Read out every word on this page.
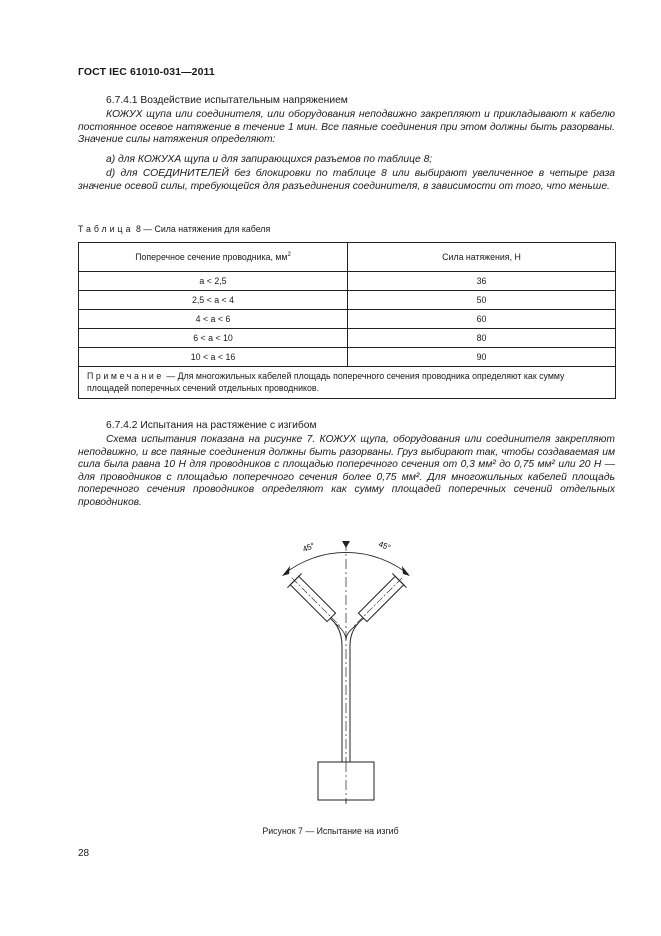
ГОСТ IEC 61010-031—2011
6.7.4.1 Воздействие испытательным напряжением
КОЖУХ щупа или соединителя, или оборудования неподвижно закрепляют и прикладывают к кабелю постоянное осевое натяжение в течение 1 мин. Все паяные соединения при этом должны быть разорваны. Значение силы натяжения определяют:
а) для КОЖУХА щупа и для запирающихся разъемов по таблице 8;
d) для СОЕДИНИТЕЛЕЙ без блокировки по таблице 8 или выбирают увеличенное в четыре раза значение осевой силы, требующейся для разъединения соединителя, в зависимости от того, что меньше.
Таблица 8 — Сила натяжения для кабеля
Поперечное сечение проводника, $мм^2$	Сила натяжения, Н
a < 2,5	36
2,5 < a < 4	50
4 < a < 6	60
6 < a < 10	80
10 < a < 16	90
Примечание — Для многожильных кабелей площадь поперечного сечения проводника определяют как сумму площадей поперечных сечений отдельных проводников.	
6.7.4.2 Испытания на растяжение с изгибом
Схема испытания показана на рисунке 7. КОЖУХ щупа, оборудования или соединителя закрепляют неподвижно, и все паяные соединения должны быть разорваны. Груз выбирают так, чтобы создаваемая им сила была равна 10 Н для проводников с площадью поперечного сечения от 0,3 мм² до 0,75 мм² или 20 Н — для проводников с площадью поперечного сечения более 0,75 мм². Для многожильных кабелей площадь поперечного сечения проводников определяют как сумму площадей поперечных сечений отдельных проводников.
45°	45°
Рисунок 7 — Испытание на изгиб
28
